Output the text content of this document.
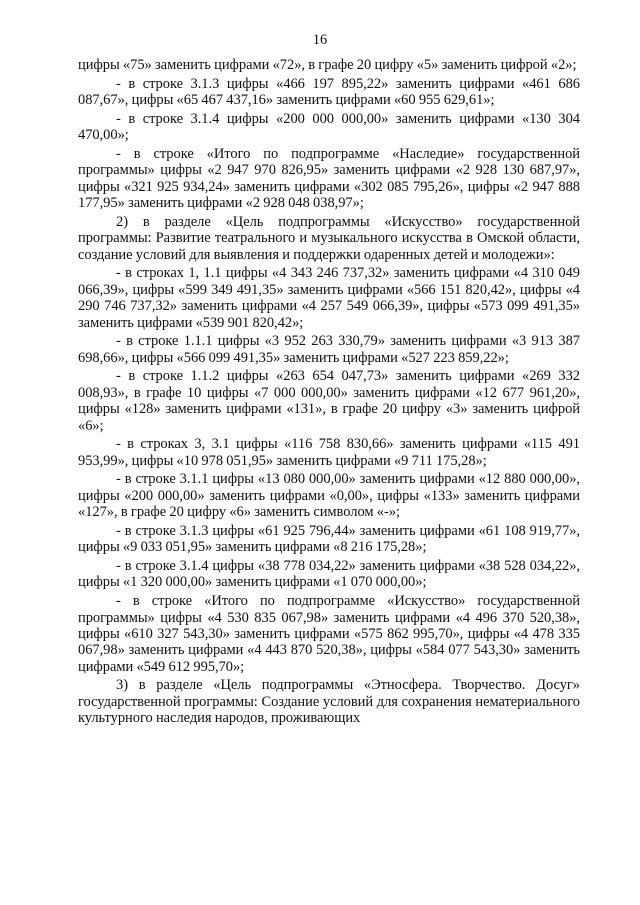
16

цифры «75» заменить цифрами «72», в графе 20 цифру «5» заменить цифрой «2»;

- в строке 3.1.3 цифры «466 197 895,22» заменить цифрами «461 686 087,67», цифры «65 467 437,16» заменить цифрами «60 955 629,61»;

- в строке 3.1.4 цифры «200 000 000,00» заменить цифрами «130 304 470,00»;

- в строке «Итого по подпрограмме «Наследие» государственной программы» цифры «2 947 970 826,95» заменить цифрами «2 928 130 687,97», цифры «321 925 934,24» заменить цифрами «302 085 795,26», цифры «2 947 888 177,95» заменить цифрами «2 928 048 038,97»;

2) в разделе «Цель подпрограммы «Искусство» государственной программы: Развитие театрального и музыкального искусства в Омской области, создание условий для выявления и поддержки одаренных детей и молодежи»:

- в строках 1, 1.1 цифры «4 343 246 737,32» заменить цифрами «4 310 049 066,39», цифры «599 349 491,35» заменить цифрами «566 151 820,42», цифры «4 290 746 737,32» заменить цифрами «4 257 549 066,39», цифры «573 099 491,35» заменить цифрами «539 901 820,42»;

- в строке 1.1.1 цифры «3 952 263 330,79» заменить цифрами «3 913 387 698,66», цифры «566 099 491,35» заменить цифрами «527 223 859,22»;

- в строке 1.1.2 цифры «263 654 047,73» заменить цифрами «269 332 008,93», в графе 10 цифры «7 000 000,00» заменить цифрами «12 677 961,20», цифры «128» заменить цифрами «131», в графе 20 цифру «3» заменить цифрой «6»;

- в строках 3, 3.1 цифры «116 758 830,66» заменить цифрами «115 491 953,99», цифры «10 978 051,95» заменить цифрами «9 711 175,28»;

- в строке 3.1.1 цифры «13 080 000,00» заменить цифрами «12 880 000,00», цифры «200 000,00» заменить цифрами «0,00», цифры «133» заменить цифрами «127», в графе 20 цифру «6» заменить символом «-»;

- в строке 3.1.3 цифры «61 925 796,44» заменить цифрами «61 108 919,77», цифры «9 033 051,95» заменить цифрами «8 216 175,28»;

- в строке 3.1.4 цифры «38 778 034,22» заменить цифрами «38 528 034,22», цифры «1 320 000,00» заменить цифрами «1 070 000,00»;

- в строке «Итого по подпрограмме «Искусство» государственной программы» цифры «4 530 835 067,98» заменить цифрами «4 496 370 520,38», цифры «610 327 543,30» заменить цифрами «575 862 995,70», цифры «4 478 335 067,98» заменить цифрами «4 443 870 520,38», цифры «584 077 543,30» заменить цифрами «549 612 995,70»;

3) в разделе «Цель подпрограммы «Этносфера. Творчество. Досуг» государственной программы: Создание условий для сохранения нематериального культурного наследия народов, проживающих
